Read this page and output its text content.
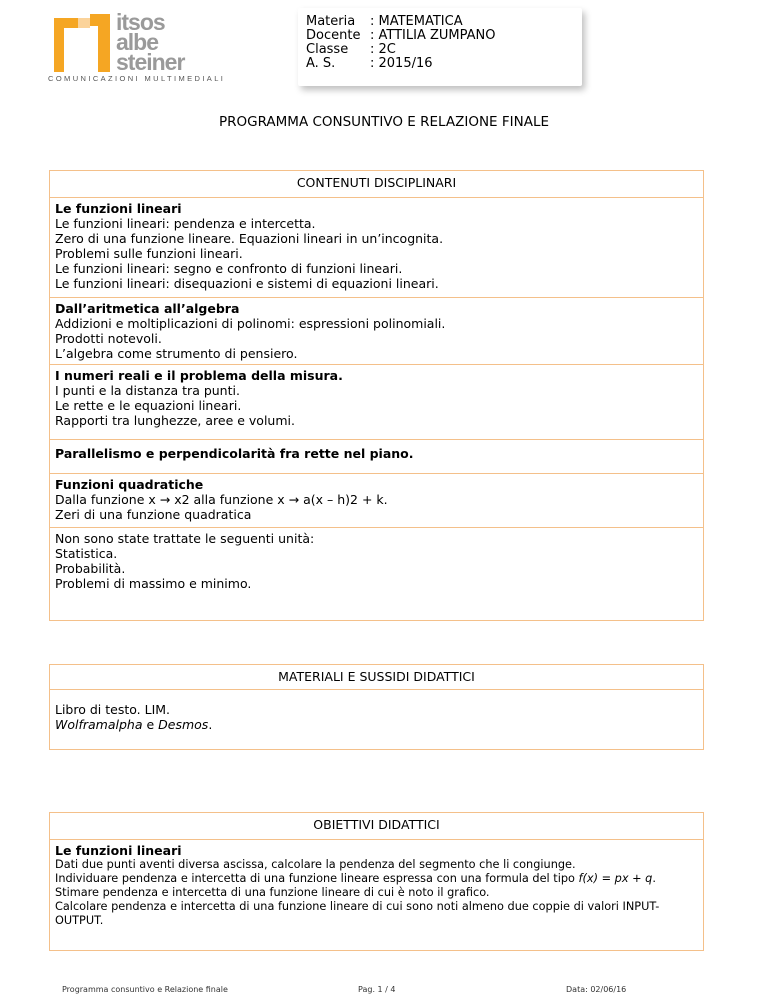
itsos
albe
steiner
COMUNICAZIONI MULTIMEDIALI
Materia : MATEMATICA
Docente : ATTILIA ZUMPANO
Classe : 2C
A. S.	: 2015/16
PROGRAMMA CONSUNTIVO E RELAZIONE FINALE
CONTENUTI DISCIPLINARI

Le funzioni lineari
Le funzioni lineari: pendenza e intercetta.
Zero di una funzione lineare. Equazioni lineari in un’incognita.
Problemi sulle funzioni lineari.
Le funzioni lineari: segno e confronto di funzioni lineari.
Le funzioni lineari: disequazioni e sistemi di equazioni lineari.

Dall’aritmetica all’algebra
Addizioni e moltiplicazioni di polinomi: espressioni polinomiali.
Prodotti notevoli.
L’algebra come strumento di pensiero.

I numeri reali e il problema della misura.
I punti e la distanza tra punti.
Le rette e le equazioni lineari.
Rapporti tra lunghezze, aree e volumi.

Parallelismo e perpendicolarità fra rette nel piano.

Funzioni quadratiche
Dalla funzione x → x2 alla funzione x → a(x – h)2 + k.
Zeri di una funzione quadratica

Non sono state trattate le seguenti unità:
Statistica.
Probabilità.
Problemi di massimo e minimo.
MATERIALI E SUSSIDI DIDATTICI

Libro di testo. LIM.
Wolframalpha e Desmos.
OBIETTIVI DIDATTICI

Le funzioni lineari
Dati due punti aventi diversa ascissa, calcolare la pendenza del segmento che li congiunge.
Individuare pendenza e intercetta di una funzione lineare espressa con una formula del tipo f(x) = px + q.
Stimare pendenza e intercetta di una funzione lineare di cui è noto il grafico.
Calcolare pendenza e intercetta di una funzione lineare di cui sono noti almeno due coppie di valori INPUT-OUTPUT.
Programma consuntivo e Relazione finale	Pag. 1 / 4	Data: 02/06/16
